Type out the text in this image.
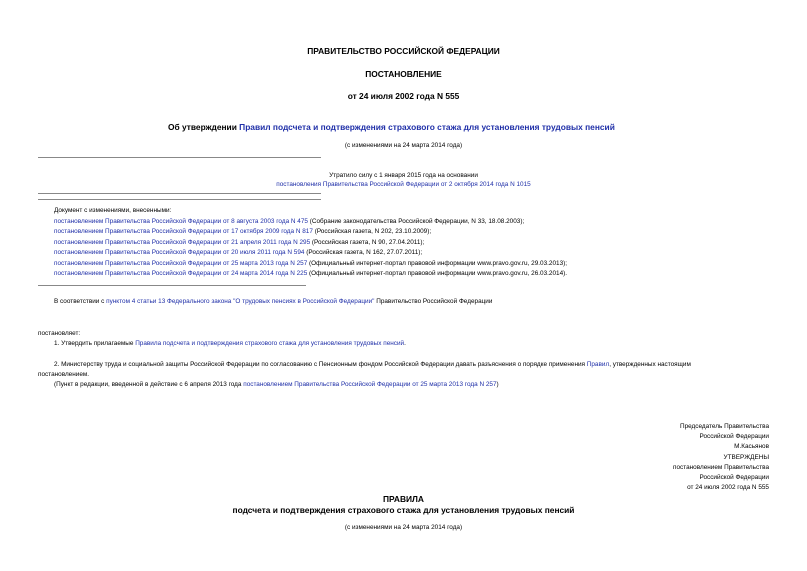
ПРАВИТЕЛЬСТВО РОССИЙСКОЙ ФЕДЕРАЦИИ
ПОСТАНОВЛЕНИЕ
от 24 июля 2002 года N 555
Об утверждении Правил подсчета и подтверждения страхового стажа для установления трудовых пенсий
(с изменениями на 24 марта 2014 года)
Утратило силу с 1 января 2015 года на основании
постановления Правительства Российской Федерации от 2 октября 2014 года N 1015
Документ с изменениями, внесенными:
постановлением Правительства Российской Федерации от 8 августа 2003 года N 475 (Собрание законодательства Российской Федерации, N 33, 18.08.2003);
постановлением Правительства Российской Федерации от 17 октября 2009 года N 817 (Российская газета, N 202, 23.10.2009);
постановлением Правительства Российской Федерации от 21 апреля 2011 года N 295 (Российская газета, N 90, 27.04.2011);
постановлением Правительства Российской Федерации от 20 июля 2011 года N 594 (Российская газета, N 162, 27.07.2011);
постановлением Правительства Российской Федерации от 25 марта 2013 года N 257 (Официальный интернет-портал правовой информации www.pravo.gov.ru, 29.03.2013);
постановлением Правительства Российской Федерации от 24 марта 2014 года N 225 (Официальный интернет-портал правовой информации www.pravo.gov.ru, 26.03.2014).
В соответствии с пунктом 4 статьи 13 Федерального закона "О трудовых пенсиях в Российской Федерации" Правительство Российской Федерации
постановляет:
1. Утвердить прилагаемые Правила подсчета и подтверждения страхового стажа для установления трудовых пенсий.
2. Министерству труда и социальной защиты Российской Федерации по согласованию с Пенсионным фондом Российской Федерации давать разъяснения о порядке применения Правил, утвержденных настоящим
постановлением.
(Пункт в редакции, введенной в действие с 6 апреля 2013 года постановлением Правительства Российской Федерации от 25 марта 2013 года N 257)
Председатель Правительства
Российской Федерации
М.Касьянов
УТВЕРЖДЕНЫ
постановлением Правительства
Российской Федерации
от 24 июля 2002 года N 555
ПРАВИЛА
подсчета и подтверждения страхового стажа для установления трудовых пенсий
(с изменениями на 24 марта 2014 года)
